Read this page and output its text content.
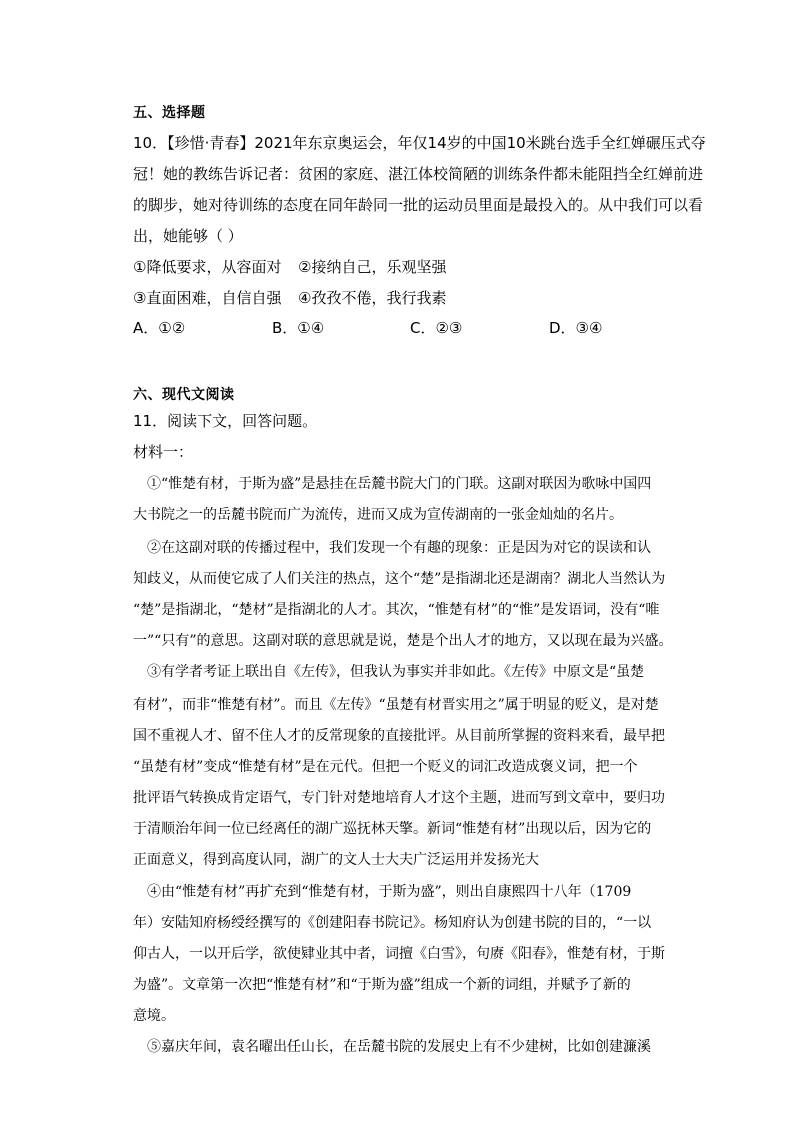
五、选择题
10．【珍惜·青春】2021年东京奥运会，年仅14岁的中国10米跳台选手全红婵碾压式夺
冠！她的教练告诉记者：贫困的家庭、湛江体校简陋的训练条件都未能阻挡全红婵前进
的脚步，她对待训练的态度在同年龄同一批的运动员里面是最投入的。从中我们可以看
出，她能够（ ）
①降低要求，从容面对 ②接纳自己，乐观坚强
③直面困难，自信自强 ④孜孜不倦，我行我素
A．①②	B．①④	C．②③	D．③④
六、现代文阅读
11．阅读下文，回答问题。
材料一：
①“惟楚有材，于斯为盛”是悬挂在岳麓书院大门的门联。这副对联因为歌咏中国四
大书院之一的岳麓书院而广为流传，进而又成为宣传湖南的一张金灿灿的名片。
②在这副对联的传播过程中，我们发现一个有趣的现象：正是因为对它的误读和认
知歧义，从而使它成了人们关注的热点，这个“楚”是指湖北还是湖南？湖北人当然认为
“楚”是指湖北，“楚材”是指湖北的人才。其次，“惟楚有材”的“惟”是发语词，没有“唯
一”“只有”的意思。这副对联的意思就是说，楚是个出人才的地方，又以现在最为兴盛。
③有学者考证上联出自《左传》，但我认为事实并非如此。《左传》中原文是“虽楚
有材”，而非“惟楚有材”。而且《左传》“虽楚有材晋实用之”属于明显的贬义，是对楚
国不重视人才、留不住人才的反常现象的直接批评。从目前所掌握的资料来看，最早把
“虽楚有材”变成“惟楚有材”是在元代。但把一个贬义的词汇改造成褒义词，把一个
批评语气转换成肯定语气，专门针对楚地培育人才这个主题，进而写到文章中，要归功
于清顺治年间一位已经离任的湖广巡抚林天擎。新词“惟楚有材”出现以后，因为它的
正面意义，得到高度认同，湖广的文人士大夫广泛运用并发扬光大
④由“惟楚有材”再扩充到“惟楚有材，于斯为盛”，则出自康熙四十八年（1709
年）安陆知府杨绶经撰写的《创建阳春书院记》。杨知府认为创建书院的目的，“一以
仰古人，一以开后学，欲使肄业其中者，词擅《白雪》，句赓《阳春》，惟楚有材，于斯
为盛”。文章第一次把“惟楚有材”和“于斯为盛”组成一个新的词组，并赋予了新的
意境。
⑤嘉庆年间，袁名曜出任山长，在岳麓书院的发展史上有不少建树，比如创建濂溪
